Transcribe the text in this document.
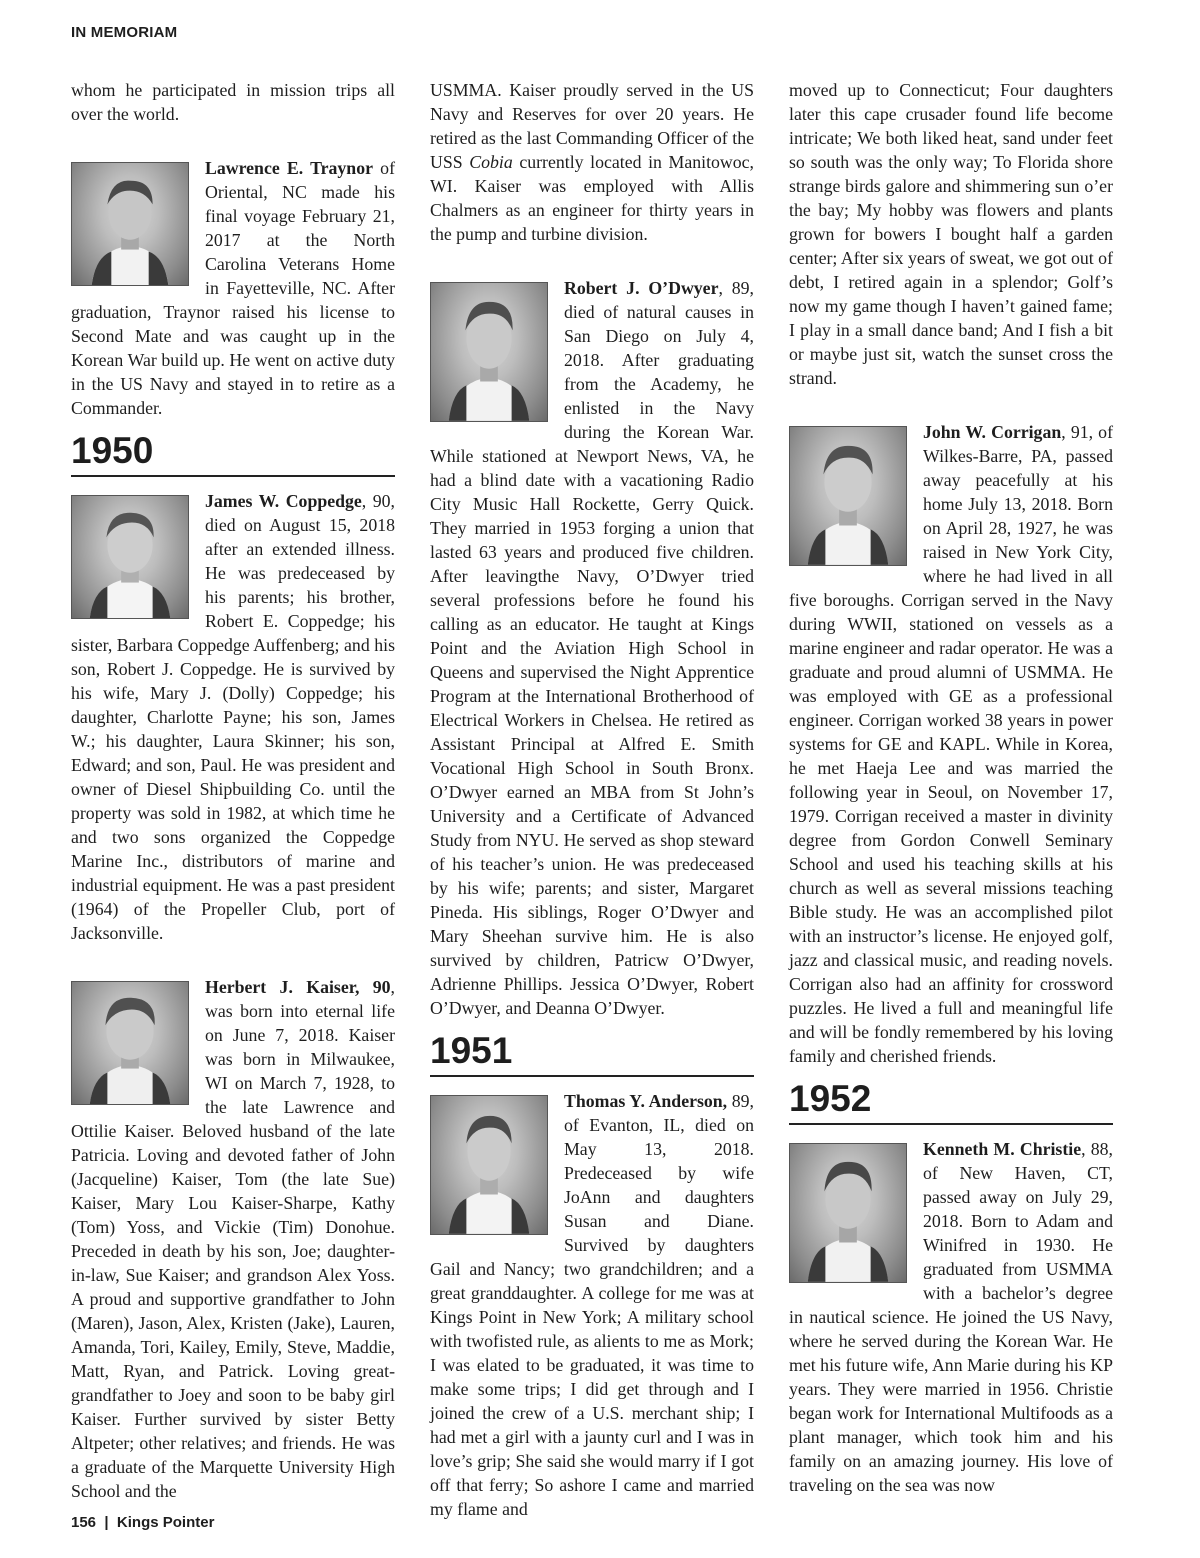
IN MEMORIAM

whom he participated in mission trips all over the world.

Lawrence E. Traynor of Oriental, NC made his final voyage February 21, 2017 at the North Carolina Veterans Home in Fayetteville, NC. After graduation, Traynor raised his license to Second Mate and was caught up in the Korean War build up. He went on active duty in the US Navy and stayed in to retire as a Commander.

1950

James W. Coppedge, 90, died on August 15, 2018 after an extended illness. He was predeceased by his parents; his brother, Robert E. Coppedge; his sister, Barbara Coppedge Auffenberg; and his son, Robert J. Coppedge. He is survived by his wife, Mary J. (Dolly) Coppedge; his daughter, Charlotte Payne; his son, James W.; his daughter, Laura Skinner; his son, Edward; and son, Paul. He was president and owner of Diesel Shipbuilding Co. until the property was sold in 1982, at which time he and two sons organized the Coppedge Marine Inc., distributors of marine and industrial equipment. He was a past president (1964) of the Propeller Club, port of Jacksonville.

Herbert J. Kaiser, 90, was born into eternal life on June 7, 2018. Kaiser was born in Milwaukee, WI on March 7, 1928, to the late Lawrence and Ottilie Kaiser. Beloved husband of the late Patricia. Loving and devoted father of John (Jacqueline) Kaiser, Tom (the late Sue) Kaiser, Mary Lou Kaiser-Sharpe, Kathy (Tom) Yoss, and Vickie (Tim) Donohue. Preceded in death by his son, Joe; daughter-in-law, Sue Kaiser; and grandson Alex Yoss. A proud and supportive grandfather to John (Maren), Jason, Alex, Kristen (Jake), Lauren, Amanda, Tori, Kailey, Emily, Steve, Maddie, Matt, Ryan, and Patrick. Loving great-grandfather to Joey and soon to be baby girl Kaiser. Further survived by sister Betty Altpeter; other relatives; and friends. He was a graduate of the Marquette University High School and the

USMMA. Kaiser proudly served in the US Navy and Reserves for over 20 years. He retired as the last Commanding Officer of the USS Cobia currently located in Manitowoc, WI. Kaiser was employed with Allis Chalmers as an engineer for thirty years in the pump and turbine division.

Robert J. O’Dwyer, 89, died of natural causes in San Diego on July 4, 2018. After graduating from the Academy, he enlisted in the Navy during the Korean War. While stationed at Newport News, VA, he had a blind date with a vacationing Radio City Music Hall Rockette, Gerry Quick. They married in 1953 forging a union that lasted 63 years and produced five children. After leavingthe Navy, O’Dwyer tried several professions before he found his calling as an educator. He taught at Kings Point and the Aviation High School in Queens and supervised the Night Apprentice Program at the International Brotherhood of Electrical Workers in Chelsea. He retired as Assistant Principal at Alfred E. Smith Vocational High School in South Bronx. O’Dwyer earned an MBA from St John’s University and a Certificate of Advanced Study from NYU. He served as shop steward of his teacher’s union. He was predeceased by his wife; parents; and sister, Margaret Pineda. His siblings, Roger O’Dwyer and Mary Sheehan survive him. He is also survived by children, Patricw O’Dwyer, Adrienne Phillips. Jessica O’Dwyer, Robert O’Dwyer, and Deanna O’Dwyer.

1951

Thomas Y. Anderson, 89, of Evanton, IL, died on May 13, 2018. Predeceased by wife JoAnn and daughters Susan and Diane. Survived by daughters Gail and Nancy; two grandchildren; and a great granddaughter. A college for me was at Kings Point in New York; A military school with twofisted rule, as alients to me as Mork; I was elated to be graduated, it was time to make some trips; I did get through and I joined the crew of a U.S. merchant ship; I had met a girl with a jaunty curl and I was in love’s grip; She said she would marry if I got off that ferry; So ashore I came and married my flame and

moved up to Connecticut; Four daughters later this cape crusader found life become intricate; We both liked heat, sand under feet so south was the only way; To Florida shore strange birds galore and shimmering sun o’er the bay; My hobby was flowers and plants grown for bowers I bought half a garden center; After six years of sweat, we got out of debt, I retired again in a splendor; Golf’s now my game though I haven’t gained fame; I play in a small dance band; And I fish a bit or maybe just sit, watch the sunset cross the strand.

John W. Corrigan, 91, of Wilkes-Barre, PA, passed away peacefully at his home July 13, 2018. Born on April 28, 1927, he was raised in New York City, where he had lived in all five boroughs. Corrigan served in the Navy during WWII, stationed on vessels as a marine engineer and radar operator. He was a graduate and proud alumni of USMMA. He was employed with GE as a professional engineer. Corrigan worked 38 years in power systems for GE and KAPL. While in Korea, he met Haeja Lee and was married the following year in Seoul, on November 17, 1979. Corrigan received a master in divinity degree from Gordon Conwell Seminary School and used his teaching skills at his church as well as several missions teaching Bible study. He was an accomplished pilot with an instructor’s license. He enjoyed golf, jazz and classical music, and reading novels. Corrigan also had an affinity for crossword puzzles. He lived a full and meaningful life and will be fondly remembered by his loving family and cherished friends.

1952

Kenneth M. Christie, 88, of New Haven, CT, passed away on July 29, 2018. Born to Adam and Winifred in 1930. He graduated from USMMA with a bachelor’s degree in nautical science. He joined the US Navy, where he served during the Korean War. He met his future wife, Ann Marie during his KP years. They were married in 1956. Christie began work for International Multifoods as a plant manager, which took him and his family on an amazing journey. His love of traveling on the sea was now

156 | Kings Pointer
